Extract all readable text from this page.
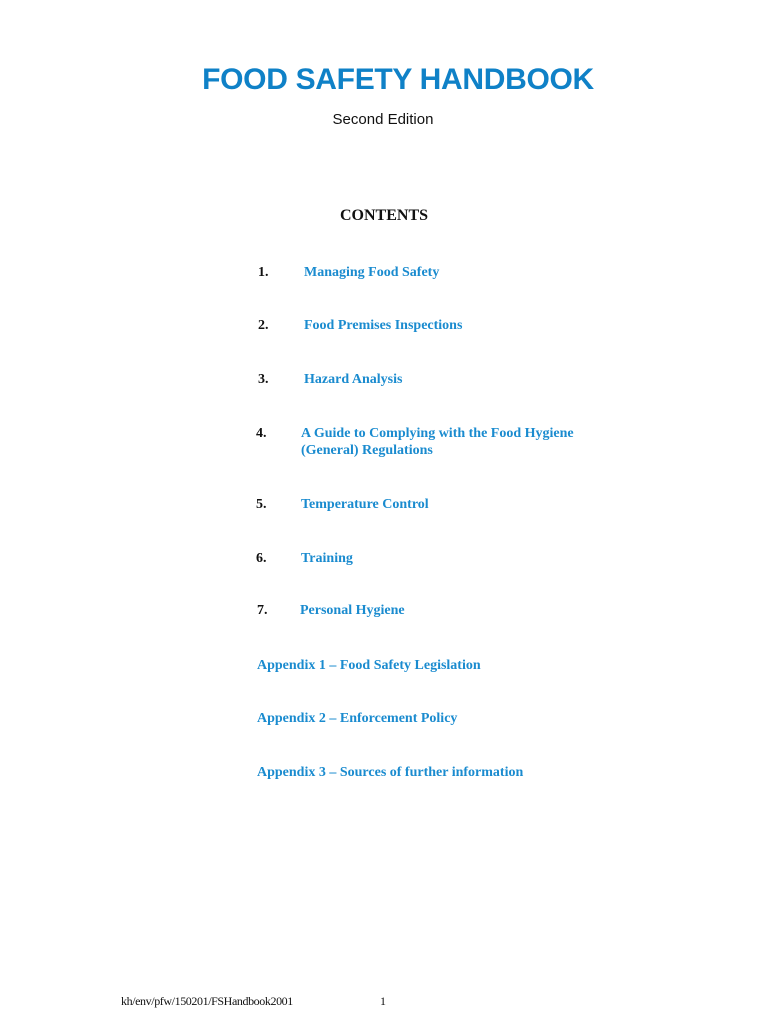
FOOD SAFETY HANDBOOK
Second Edition
CONTENTS
1.	Managing Food Safety
2.	Food Premises Inspections
3.	Hazard Analysis
4. A Guide to Complying with the Food Hygiene
(General) Regulations
5. Temperature Control
6. Training
7. Personal Hygiene
Appendix 1 – Food Safety Legislation
Appendix 2 – Enforcement Policy
Appendix 3 – Sources of further information
kh/env/pfw/150201/FSHandbook2001	1
